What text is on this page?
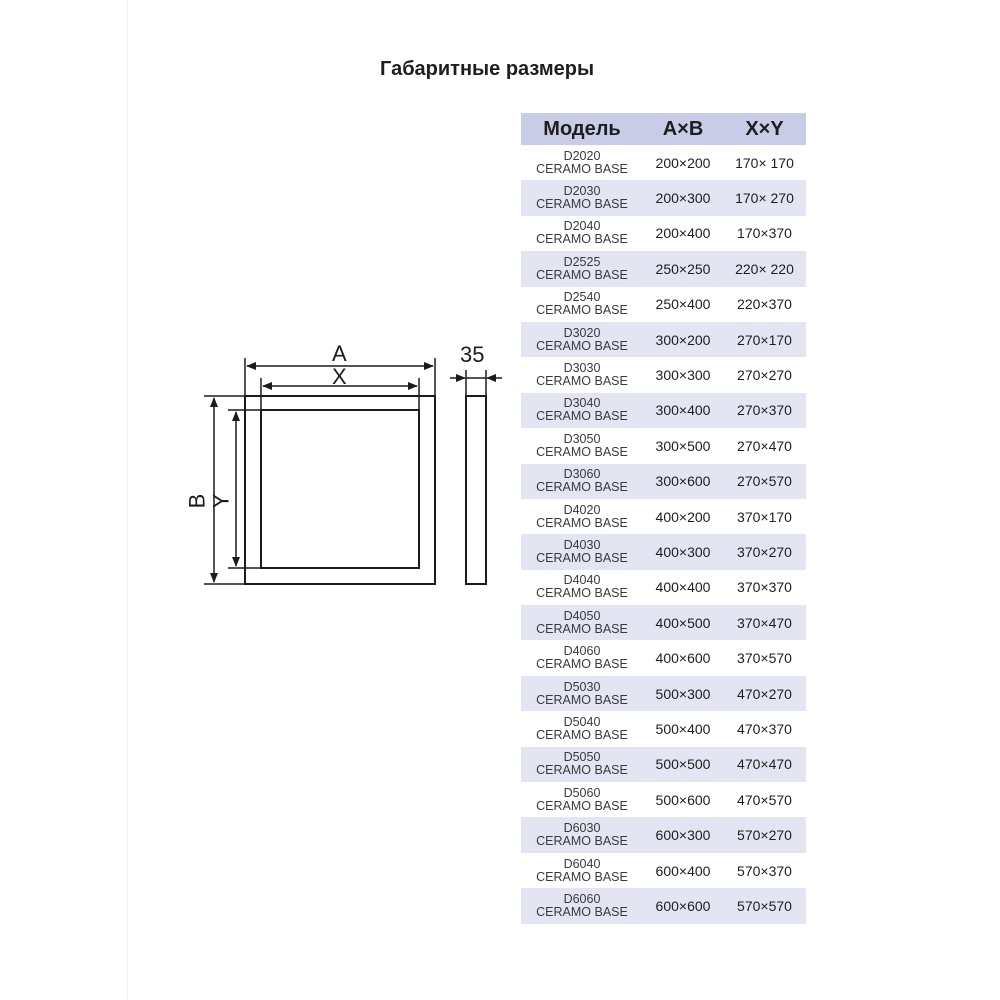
Габаритные размеры
A
X
35
B Y
Модель	A×B	X×Y
D2020
CERAMO BASE	200×200	170× 170
D2030
CERAMO BASE	200×300	170× 270
D2040
CERAMO BASE	200×400	170×370
D2525
CERAMO BASE	250×250	220× 220
D2540
CERAMO BASE	250×400	220×370
D3020
CERAMO BASE	300×200	270×170
D3030
CERAMO BASE	300×300	270×270
D3040
CERAMO BASE	300×400	270×370
D3050
CERAMO BASE	300×500	270×470
D3060
CERAMO BASE	300×600	270×570
D4020
CERAMO BASE	400×200	370×170
D4030
CERAMO BASE	400×300	370×270
D4040
CERAMO BASE	400×400	370×370
D4050
CERAMO BASE	400×500	370×470
D4060
CERAMO BASE	400×600	370×570
D5030
CERAMO BASE	500×300	470×270
D5040
CERAMO BASE	500×400	470×370
D5050
CERAMO BASE	500×500	470×470
D5060
CERAMO BASE	500×600	470×570
D6030
CERAMO BASE	600×300	570×270
D6040
CERAMO BASE	600×400	570×370
D6060
CERAMO BASE	600×600	570×570
